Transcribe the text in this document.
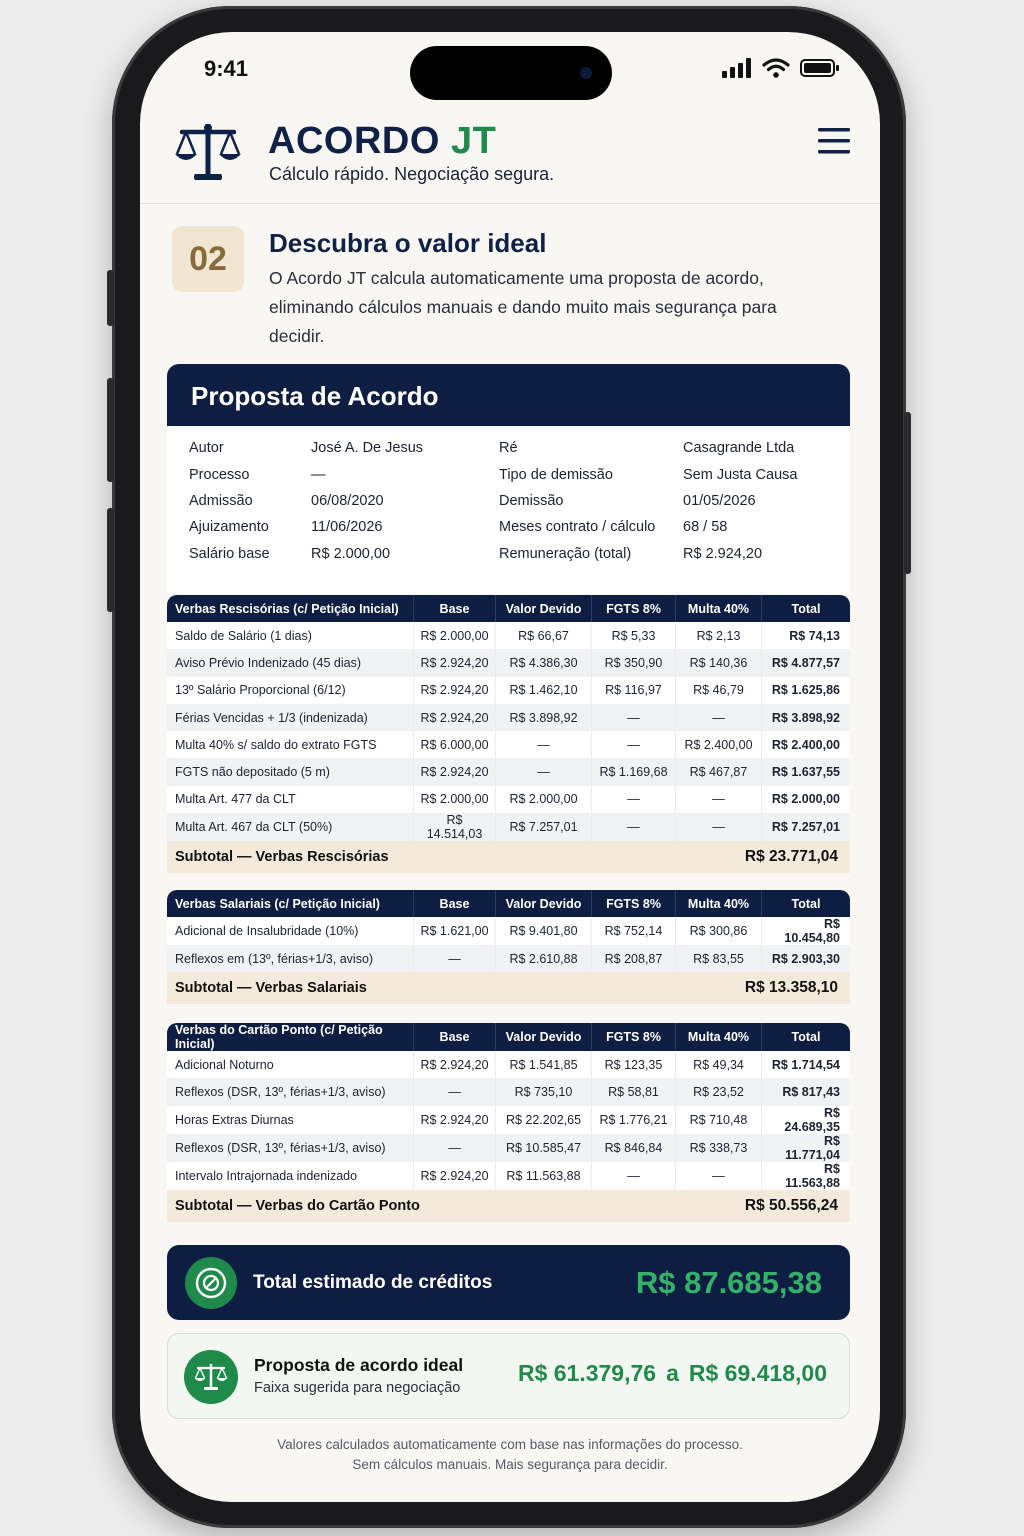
9:41
ACORDO JT
Cálculo rápido. Negociação segura.
02	Descubra o valor ideal
O Acordo JT calcula automaticamente uma proposta de acordo, eliminando cálculos manuais e dando muito mais segurança para decidir.
Proposta de Acordo
Autor	José A. De Jesus
Processo	—
Admissão	06/08/2020
Ajuizamento	11/06/2026
Salário base	R$ 2.000,00
Ré	Casagrande Ltda
Tipo de demissão	Sem Justa Causa
Demissão	01/05/2026
Meses contrato / cálculo 68 / 58
Remuneração (total)	R$ 2.924,20
Verbas Rescisórias (c/ Petição Inicial)	Base	Valor Devido	FGTS 8%	Multa 40%	Total
Saldo de Salário (1 dias)	R$ 2.000,00	R$ 66,67	R$ 5,33	R$ 2,13	R$ 74,13
Aviso Prévio Indenizado (45 dias)	R$ 2.924,20	R$ 4.386,30	R$ 350,90	R$ 140,36	R$ 4.877,57
13º Salário Proporcional (6/12)	R$ 2.924,20	R$ 1.462,10	R$ 116,97	R$ 46,79	R$ 1.625,86
Férias Vencidas + 1/3 (indenizada)	R$ 2.924,20	R$ 3.898,92	—	—	R$ 3.898,92
Multa 40% s/ saldo do extrato FGTS	R$ 6.000,00	—	—	R$ 2.400,00	R$ 2.400,00
FGTS não depositado (5 m)	R$ 2.924,20	—	R$ 1.169,68	R$ 467,87	R$ 1.637,55
Multa Art. 477 da CLT	R$ 2.000,00	R$ 2.000,00	—	—	R$ 2.000,00
Multa Art. 467 da CLT (50%)	R$ 14.514,03	R$ 7.257,01	—	—	R$ 7.257,01
Subtotal — Verbas Rescisórias	R$ 23.771,04
Verbas Salariais (c/ Petição Inicial)	Base	Valor Devido	FGTS 8%	Multa 40%	Total
Adicional de Insalubridade (10%)	R$ 1.621,00	R$ 9.401,80	R$ 752,14	R$ 300,86	R$ 10.454,80
Reflexos em (13º, férias+1/3, aviso)	—	R$ 2.610,88	R$ 208,87	R$ 83,55	R$ 2.903,30
Subtotal — Verbas Salariais	R$ 13.358,10
Verbas do Cartão Ponto (c/ Petição Inicial)	Base	Valor Devido	FGTS 8%	Multa 40%	Total
Adicional Noturno	R$ 2.924,20	R$ 1.541,85	R$ 123,35	R$ 49,34	R$ 1.714,54
Reflexos (DSR, 13º, férias+1/3, aviso)	—	R$ 735,10	R$ 58,81	R$ 23,52	R$ 817,43
Horas Extras Diurnas	R$ 2.924,20	R$ 22.202,65	R$ 1.776,21	R$ 710,48	R$ 24.689,35
Reflexos (DSR, 13º, férias+1/3, aviso)	—	R$ 10.585,47	R$ 846,84	R$ 338,73	R$ 11.771,04
Intervalo Intrajornada indenizado	R$ 2.924,20	R$ 11.563,88	—	—	R$ 11.563,88
Subtotal — Verbas do Cartão Ponto	R$ 50.556,24
Total estimado de créditos	R$ 87.685,38
Proposta de acordo ideal
Faixa sugerida para negociação
R$ 61.379,76 a R$ 69.418,00
Valores calculados automaticamente com base nas informações do processo.
Sem cálculos manuais. Mais segurança para decidir.
